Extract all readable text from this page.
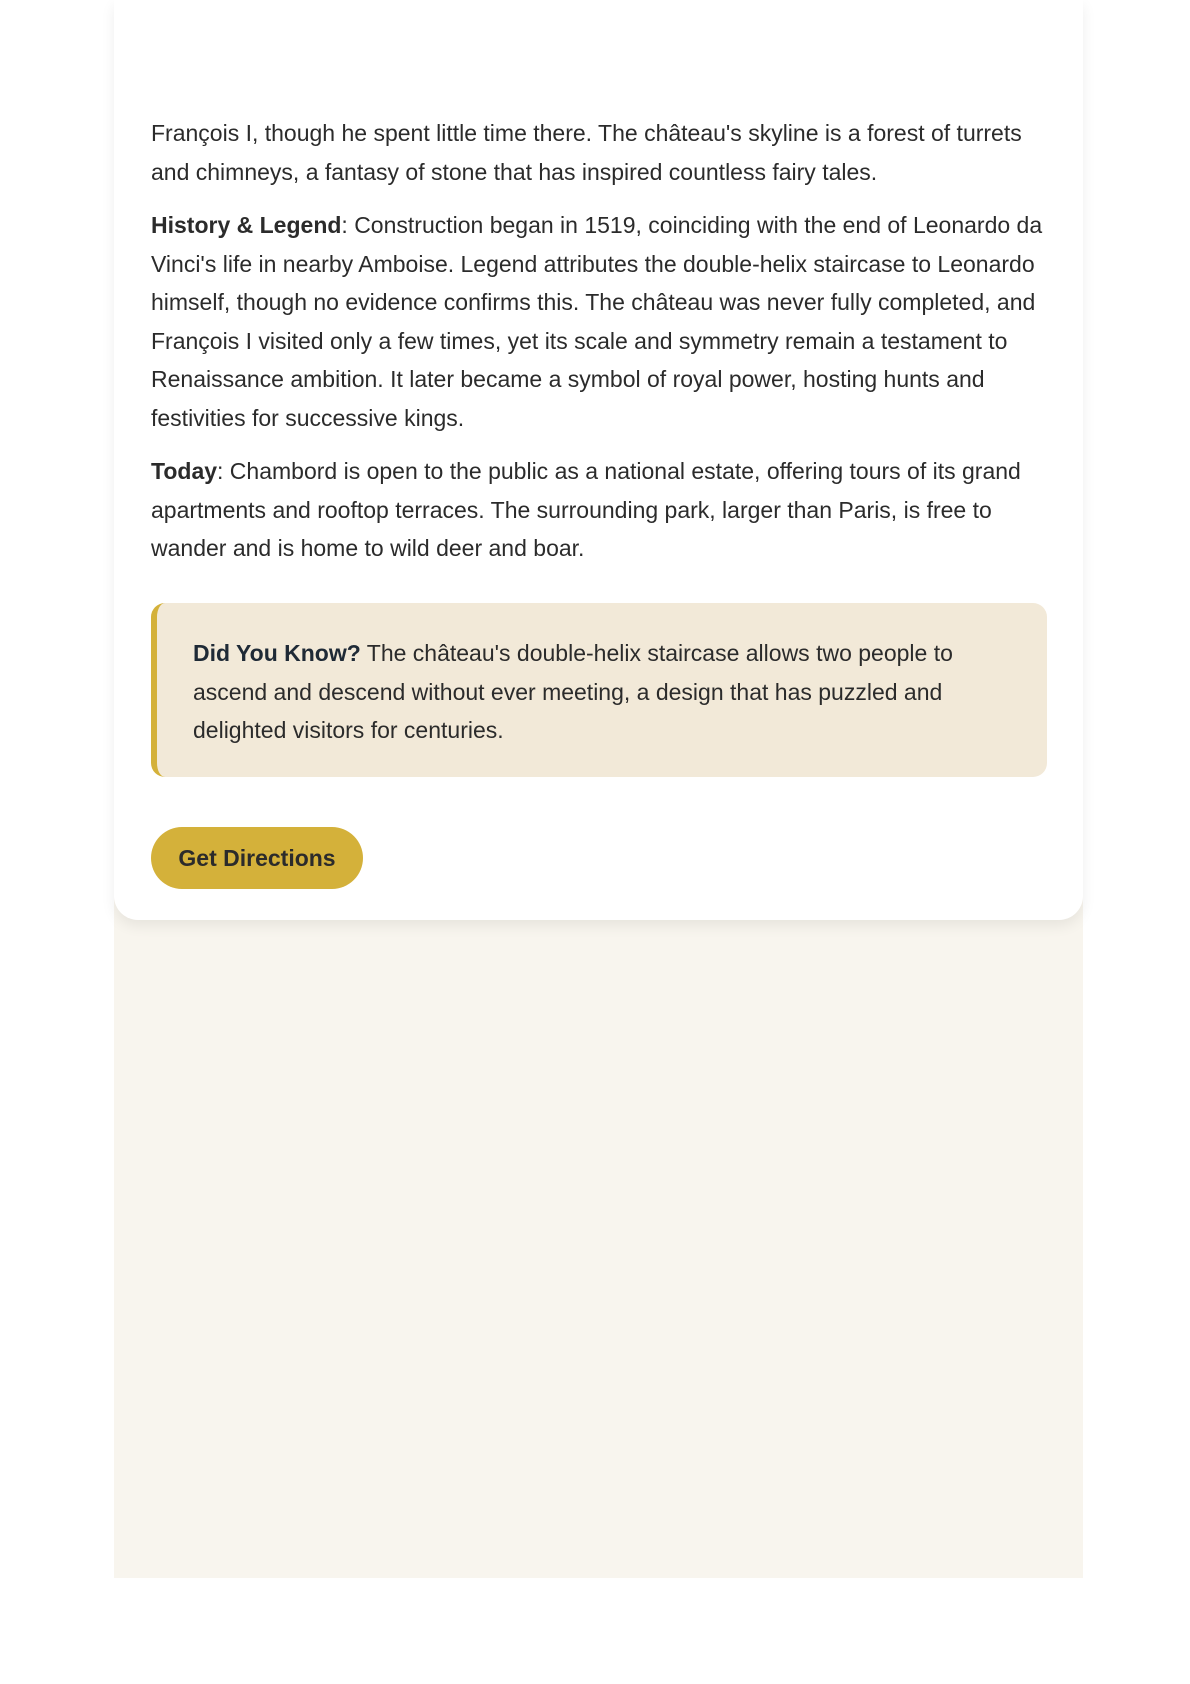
François I, though he spent little time there. The château's skyline is a forest of turrets and chimneys, a fantasy of stone that has inspired countless fairy tales.

History & Legend: Construction began in 1519, coinciding with the end of Leonardo da Vinci's life in nearby Amboise. Legend attributes the double-helix staircase to Leonardo himself, though no evidence confirms this. The château was never fully completed, and François I visited only a few times, yet its scale and symmetry remain a testament to Renaissance ambition. It later became a symbol of royal power, hosting hunts and festivities for successive kings.

Today: Chambord is open to the public as a national estate, offering tours of its grand apartments and rooftop terraces. The surrounding park, larger than Paris, is free to wander and is home to wild deer and boar.

Did You Know? The château's double-helix staircase allows two people to ascend and descend without ever meeting, a design that has puzzled and delighted visitors for centuries.
Get Directions
